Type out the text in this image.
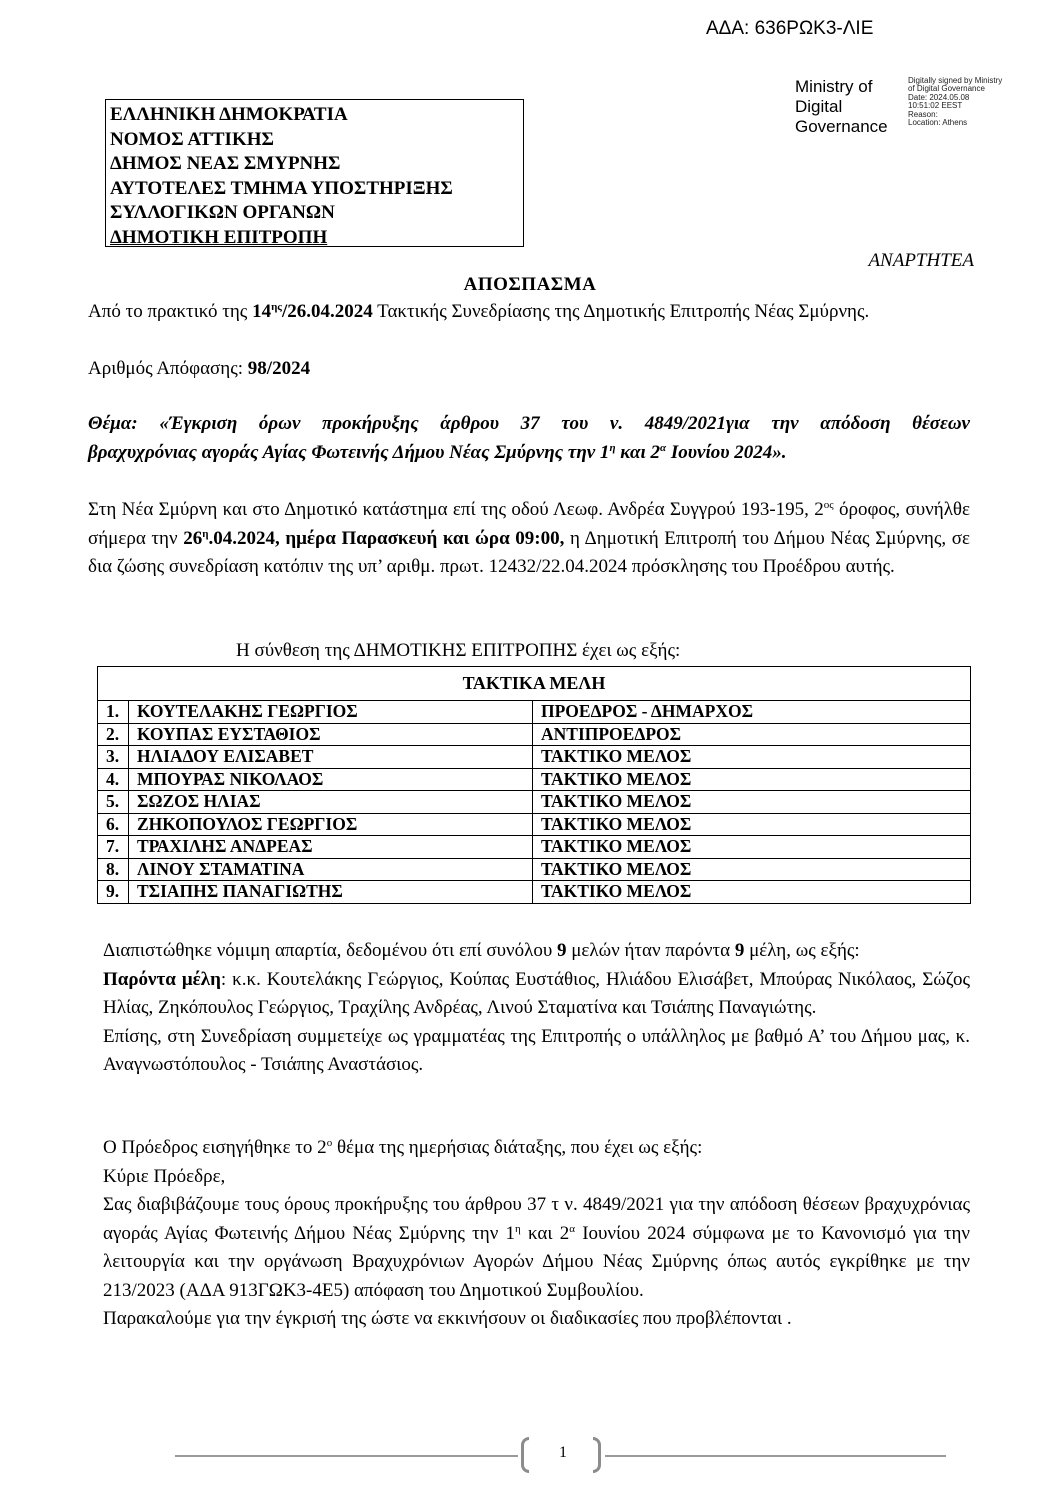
ΑΔΑ: 636ΡΩΚ3-ΛΙΕ
Ministry of
Digital
Governance
Digitally signed by Ministry
of Digital Governance
Date: 2024.05.08
10:51:02 EEST
Reason:
Location: Athens
ΕΛΛΗΝΙΚΗ ΔΗΜΟΚΡΑΤΙΑ
ΝΟΜΟΣ ΑΤΤΙΚΗΣ
ΔΗΜΟΣ ΝΕΑΣ ΣΜΥΡΝΗΣ
ΑΥΤΟΤΕΛΕΣ ΤΜΗΜΑ ΥΠΟΣΤΗΡΙΞΗΣ
ΣΥΛΛΟΓΙΚΩΝ ΟΡΓΑΝΩΝ
ΔΗΜΟΤΙΚΗ ΕΠΙΤΡΟΠΗ
ΑΝΑΡΤΗΤΕΑ
ΑΠΟΣΠΑΣΜΑ
Από το πρακτικό της $14^{\eta\varsigma}/26.04.2024$ Τακτικής Συνεδρίασης της Δημοτικής Επιτροπής Νέας Σμύρνης.
Αριθμός Απόφασης: 98/2024
Θέμα: «Έγκριση όρων προκήρυξης άρθρου 37 του ν. 4849/2021για την απόδοση θέσεων
βραχυχρόνιας αγοράς Αγίας Φωτεινής Δήμου Νέας Σμύρνης την $1^\eta$ και $2^\alpha$ Ιουνίου 2024».
Στη Νέα Σμύρνη και στο Δημοτικό κατάστημα επί της οδού Λεωφ. Ανδρέα Συγγρού 193-195, $2^{o\varsigma}$ όροφος, συνήλθε σήμερα την $26^\eta.04.2024$, ημέρα Παρασκευή και ώρα 09:00, η Δημοτική Επιτροπή του Δήμου Νέας Σμύρνης, σε δια ζώσης συνεδρίαση κατόπιν της υπ’ αριθμ. πρωτ. 12432/22.04.2024 πρόσκλησης του Προέδρου αυτής.
Η σύνθεση της ΔΗΜΟΤΙΚΗΣ ΕΠΙΤΡΟΠΗΣ έχει ως εξής:
ΤΑΚΤΙΚΑ ΜΕΛΗ		
1.	ΚΟΥΤΕΛΑΚΗΣ ΓΕΩΡΓΙΟΣ	ΠΡΟΕΔΡΟΣ - ΔΗΜΑΡΧΟΣ
2.	ΚΟΥΠΑΣ ΕΥΣΤΑΘΙΟΣ	ΑΝΤΙΠΡΟΕΔΡΟΣ
3.	ΗΛΙΑΔΟΥ ΕΛΙΣΑΒΕΤ	ΤΑΚΤΙΚΟ ΜΕΛΟΣ
4.	ΜΠΟΥΡΑΣ ΝΙΚΟΛΑΟΣ	ΤΑΚΤΙΚΟ ΜΕΛΟΣ
5.	ΣΩΖΟΣ ΗΛΙΑΣ	ΤΑΚΤΙΚΟ ΜΕΛΟΣ
6.	ΖΗΚΟΠΟΥΛΟΣ ΓΕΩΡΓΙΟΣ	ΤΑΚΤΙΚΟ ΜΕΛΟΣ
7.	ΤΡΑΧΙΛΗΣ ΑΝΔΡΕΑΣ	ΤΑΚΤΙΚΟ ΜΕΛΟΣ
8.	ΛΙΝΟΥ ΣΤΑΜΑΤΙΝΑ	ΤΑΚΤΙΚΟ ΜΕΛΟΣ
9.	ΤΣΙΑΠΗΣ ΠΑΝΑΓΙΩΤΗΣ	ΤΑΚΤΙΚΟ ΜΕΛΟΣ
Διαπιστώθηκε νόμιμη απαρτία, δεδομένου ότι επί συνόλου 9 μελών ήταν παρόντα 9 μέλη, ως εξής:
Παρόντα μέλη: κ.κ. Κουτελάκης Γεώργιος, Κούπας Ευστάθιος, Ηλιάδου Ελισάβετ, Μπούρας Νικόλαος, Σώζος Ηλίας, Ζηκόπουλος Γεώργιος, Τραχίλης Ανδρέας, Λινού Σταματίνα και Τσιάπης Παναγιώτης.
Επίσης, στη Συνεδρίαση συμμετείχε ως γραμματέας της Επιτροπής ο υπάλληλος με βαθμό Α’ του Δήμου μας, κ. Αναγνωστόπουλος - Τσιάπης Αναστάσιος.
Ο Πρόεδρος εισηγήθηκε το $2^o$ θέμα της ημερήσιας διάταξης, που έχει ως εξής:
Κύριε Πρόεδρε,
Σας διαβιβάζουμε τους όρους προκήρυξης του άρθρου 37 τ ν. 4849/2021 για την απόδοση θέσεων βραχυχρόνιας αγοράς Αγίας Φωτεινής Δήμου Νέας Σμύρνης την $1^\eta$ και $2^\alpha$ Ιουνίου 2024 σύμφωνα με το Κανονισμό για την λειτουργία και την οργάνωση Βραχυχρόνιων Αγορών Δήμου Νέας Σμύρνης όπως αυτός εγκρίθηκε με την 213/2023 (ΑΔΑ 913ΓΩΚ3-4Ε5) απόφαση του Δημοτικού Συμβουλίου.
Παρακαλούμε για την έγκρισή της ώστε να εκκινήσουν οι διαδικασίες που προβλέπονται .
1
